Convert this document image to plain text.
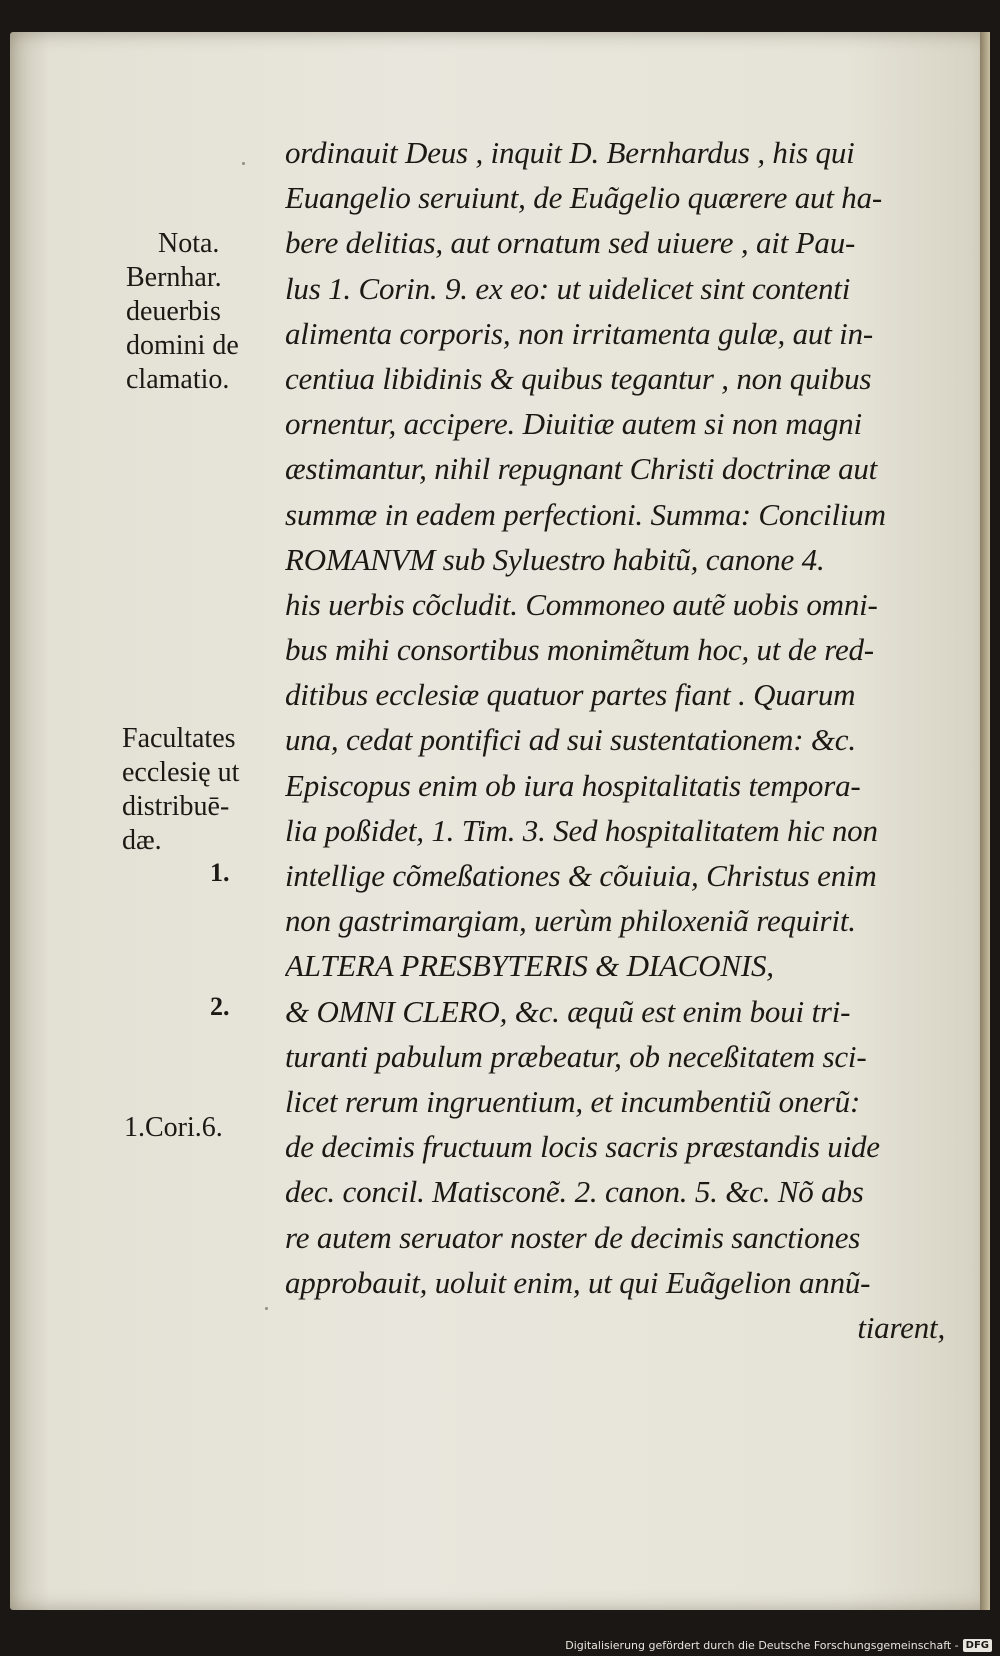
Nota.
Bernhar.
deuerbis
domini de
clamatio.
Facultates
ecclesię ut
distribuē-
dæ.
1.
2.
1.Cori.6.
ordinauit Deus , inquit D. Bernhardus , his qui
Euangelio seruiunt, de Euãgelio quærere aut ha-
bere delitias, aut ornatum sed uiuere , ait Pau-
lus 1. Corin. 9. ex eo: ut uidelicet sint contenti
alimenta corporis, non irritamenta gulæ, aut in-
centiua libidinis & quibus tegantur , non quibus
ornentur, accipere. Diuitiæ autem si non magni
æstimantur, nihil repugnant Christi doctrinæ aut
summæ in eadem perfectioni. Summa: Concilium
ROMANVM sub Syluestro habitũ, canone 4.
his uerbis cõcludit. Commoneo autẽ uobis omni-
bus mihi consortibus monimẽtum hoc, ut de red-
ditibus ecclesiæ quatuor partes fiant . Quarum
una, cedat pontifici ad sui sustentationem: &c.
Episcopus enim ob iura hospitalitatis tempora-
lia poßidet, 1. Tim. 3. Sed hospitalitatem hic non
intellige cõmeßationes & cõuiuia, Christus enim
non gastrimargiam, uerùm philoxeniã requirit.
ALTERA PRESBYTERIS & DIACONIS,
& OMNI CLERO, &c. æquũ est enim boui tri-
turanti pabulum præbeatur, ob neceßitatem sci-
licet rerum ingruentium, et incumbentiũ onerũ:
de decimis fructuum locis sacris præstandis uide
dec. concil. Matisconẽ. 2. canon. 5. &c. Nõ abs
re autem seruator noster de decimis sanctiones
approbauit, uoluit enim, ut qui Euãgelion annũ-
tiarent,
Digitalisierung gefördert durch die Deutsche Forschungsgemeinschaft - DFG
